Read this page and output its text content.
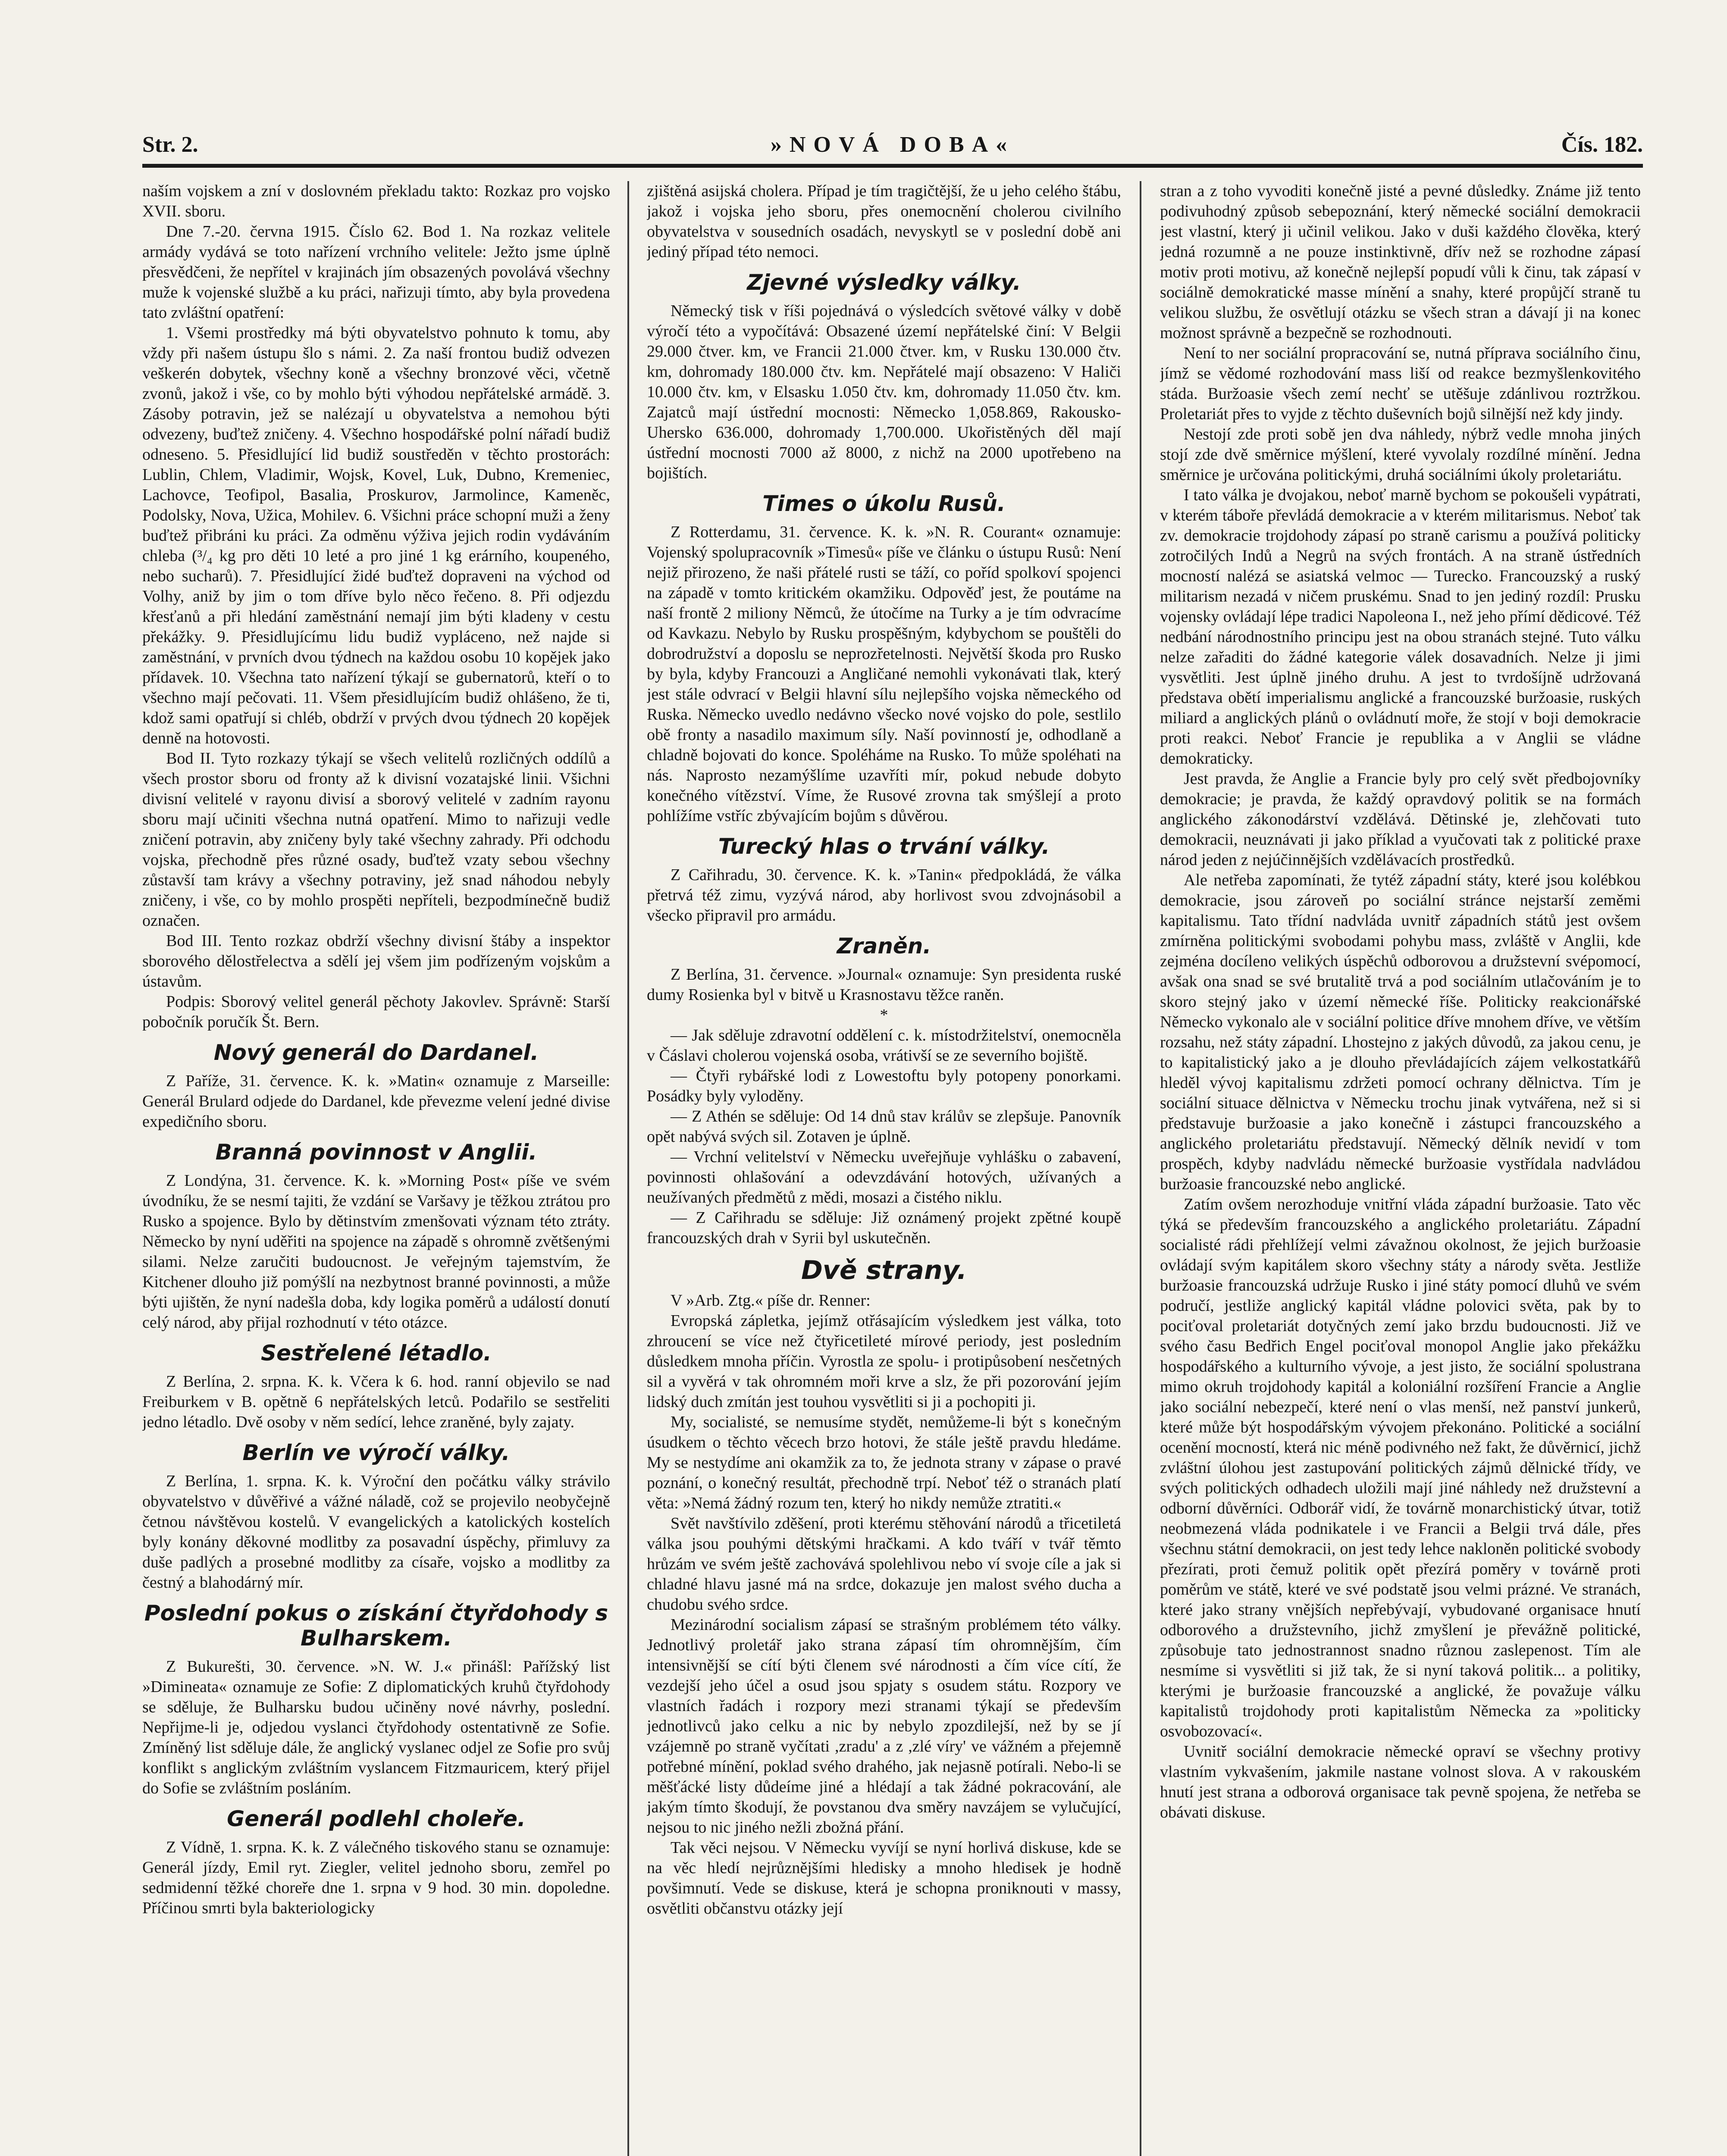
»NOVÁ DOBA«
Str. 2.	Čís. 182.

naším vojskem a zní v doslovném překladu takto: Rozkaz pro vojsko XVII. sboru.

Dne 7.-20. června 1915. Číslo 62. Bod 1. Na rozkaz velitele armády vydává se toto nařízení vrchního velitele: Ježto jsme úplně přesvědčeni, že nepřítel v krajinách jím obsazených povolává všechny muže k vojenské službě a ku práci, nařizuji tímto, aby byla provedena tato zvláštní opatření:

1. Všemi prostředky má býti obyvatelstvo pohnuto k tomu, aby vždy při našem ústupu šlo s námi. 2. Za naší frontou budiž odvezen veškerén dobytek, všechny koně a všechny bronzové věci, včetně zvonů, jakož i vše, co by mohlo býti výhodou nepřátelské armádě. 3. Zásoby potravin, jež se nalézají u obyvatelstva a nemohou býti odvezeny, buďtež zničeny. 4. Všechno hospodářské polní nářadí budiž odneseno. 5. Přesidlující lid budiž soustředěn v těchto prostorách: Lublin, Chlem, Vladimir, Wojsk, Kovel, Luk, Dubno, Kremeniec, Lachovce, Teofipol, Basalia, Proskurov, Jarmolince, Kameněc, Podolsky, Nova, Užica, Mohilev. 6. Všichni práce schopní muži a ženy buďtež přibráni ku práci. Za odměnu výživa jejich rodin vydáváním chleba (³/₄ kg pro děti 10 leté a pro jiné 1 kg erárního, koupeného, nebo sucharů). 7. Přesidlující židé buďtež dopraveni na východ od Volhy, aniž by jim o tom dříve bylo něco řečeno. 8. Při odjezdu křesťanů a při hledání zaměstnání nemají jim býti kladeny v cestu překážky. 9. Přesidlujícímu lidu budiž vypláceno, než najde si zaměstnání, v prvních dvou týdnech na každou osobu 10 kopějek jako přídavek. 10. Všechna tato nařízení týkají se gubernatorů, kteří o to všechno mají pečovati. 11. Všem přesidlujícím budiž ohlášeno, že ti, kdož sami opatřují si chléb, obdrží v prvých dvou týdnech 20 kopějek denně na hotovosti.

Bod II. Tyto rozkazy týkají se všech velitelů rozličných oddílů a všech prostor sboru od fronty až k divisní vozatajské linii. Všichni divisní velitelé v rayonu divisí a sborový velitelé v zadním rayonu sboru mají učiniti všechna nutná opatření. Mimo to nařizuji vedle zničení potravin, aby zničeny byly také všechny zahrady. Při odchodu vojska, přechodně přes různé osady, buďtež vzaty sebou všechny zůstavší tam krávy a všechny potraviny, jež snad náhodou nebyly zničeny, i vše, co by mohlo prospěti nepříteli, bezpodmínečně budiž označen.

Bod III. Tento rozkaz obdrží všechny divisní štáby a inspektor sborového dělostřelectva a sdělí jej všem jim podřízeným vojskům a ústavům.

Podpis: Sborový velitel generál pěchoty Jakovlev. Správně: Starší pobočník poručík Št. Bern.

Nový generál do Dardanel.

Z Paříže, 31. července. K. k. »Matin« oznamuje z Marseille: Generál Brulard odjede do Dardanel, kde převezme velení jedné divise expedičního sboru.

Branná povinnost v Anglii.

Z Londýna, 31. července. K. k. »Morning Post« píše ve svém úvodníku, že se nesmí tajiti, že vzdání se Varšavy je těžkou ztrátou pro Rusko a spojence. Bylo by dětinstvím zmenšovati význam této ztráty. Německo by nyní uděřiti na spojence na západě s ohromně zvětšenými silami. Nelze zaručiti budoucnost. Je veřejným tajemstvím, že Kitchener dlouho již pomýšlí na nezbytnost branné povinnosti, a může býti ujištěn, že nyní nadešla doba, kdy logika poměrů a událostí donutí celý národ, aby přijal rozhodnutí v této otázce.

Sestřelené létadlo.

Z Berlína, 2. srpna. K. k. Včera k 6. hod. ranní objevilo se nad Freiburkem v B. opětně 6 nepřátelských letců. Podařilo se sestřeliti jedno létadlo. Dvě osoby v něm sedící, lehce zraněné, byly zajaty.

Berlín ve výročí války.

Z Berlína, 1. srpna. K. k. Výroční den počátku války strávilo obyvatelstvo v důvěřivé a vážné náladě, což se projevilo neobyčejně četnou návštěvou kostelů. V evangelických a katolických kostelích byly konány děkovné modlitby za posavadní úspěchy, přimluvy za duše padlých a prosebné modlitby za císaře, vojsko a modlitby za čestný a blahodárný mír.

Poslední pokus o získání čtyřdohody s Bulharskem.

Z Bukurešti, 30. července. »N. W. J.« přinášl: Pařížský list »Dimineata« oznamuje ze Sofie: Z diplomatických kruhů čtyřdohody se sděluje, že Bulharsku budou učiněny nové návrhy, poslední. Nepřijme-li je, odjedou vyslanci čtyřdohody ostentativně ze Sofie. Zmíněný list sděluje dále, že anglický vyslanec odjel ze Sofie pro svůj konflikt s anglickým zvláštním vyslancem Fitzmauricem, který přijel do Sofie se zvláštním posláním.

Generál podlehl choleře.

Z Vídně, 1. srpna. K. k. Z válečného tiskového stanu se oznamuje: Generál jízdy, Emil ryt. Ziegler, velitel jednoho sboru, zemřel po sedmidenní těžké choreře dne 1. srpna v 9 hod. 30 min. dopoledne. Příčinou smrti byla bakteriologicky

zjištěná asijská cholera. Případ je tím tragičtější, že u jeho celého štábu, jakož i vojska jeho sboru, přes onemocnění cholerou civilního obyvatelstva v sousedních osadách, nevyskytl se v poslední době ani jediný případ této nemoci.

Zjevné výsledky války.

Německý tisk v říši pojednává o výsledcích světové války v době výročí této a vypočítává: Obsazené území nepřátelské činí: V Belgii 29.000 čtver. km, ve Francii 21.000 čtver. km, v Rusku 130.000 čtv. km, dohromady 180.000 čtv. km. Nepřátelé mají obsazeno: V Haliči 10.000 čtv. km, v Elsasku 1.050 čtv. km, dohromady 11.050 čtv. km. Zajatců mají ústřední mocnosti: Německo 1,058.869, Rakousko-Uhersko 636.000, dohromady 1,700.000. Ukořistěných děl mají ústřední mocnosti 7000 až 8000, z nichž na 2000 upotřebeno na bojištích.

Times o úkolu Rusů.

Z Rotterdamu, 31. července. K. k. »N. R. Courant« oznamuje: Vojenský spolupracovník »Timesů« píše ve článku o ústupu Rusů: Není nejiž přirozeno, že naši přátelé rusti se táží, co poříd spolkoví spojenci na západě v tomto kritickém okamžiku. Odpověď jest, že poutáme na naší frontě 2 miliony Němců, že útočíme na Turky a je tím odvracíme od Kavkazu. Nebylo by Rusku prospěšným, kdybychom se pouštěli do dobrodružství a doposlu se neprozřetelnosti. Největší škoda pro Rusko by byla, kdyby Francouzi a Angličané nemohli vykonávati tlak, který jest stále odvrací v Belgii hlavní sílu nejlepšího vojska německého od Ruska. Německo uvedlo nedávno všecko nové vojsko do pole, sestlilo obě fronty a nasadilo maximum síly. Naší povinností je, odhodlaně a chladně bojovati do konce. Spoléháme na Rusko. To může spoléhati na nás. Naprosto nezamýšlíme uzavříti mír, pokud nebude dobyto konečného vítězství. Víme, že Rusové zrovna tak smýšlejí a proto pohlížíme vstříc zbývajícím bojům s důvěrou.

Turecký hlas o trvání války.

Z Cařihradu, 30. července. K. k. »Tanin« předpokládá, že válka přetrvá též zimu, vyzývá národ, aby horlivost svou zdvojnásobil a všecko připravil pro armádu.

Zraněn.

Z Berlína, 31. července. »Journal« oznamuje: Syn presidenta ruské dumy Rosienka byl v bitvě u Krasnostavu těžce raněn.

*

— Jak sděluje zdravotní oddělení c. k. místodržitelství, onemocněla v Čáslavi cholerou vojenská osoba, vrátivší se ze severního bojiště.

— Čtyři rybářské lodi z Lowestoftu byly potopeny ponorkami. Posádky byly vyloděny.

— Z Athén se sděluje: Od 14 dnů stav králův se zlepšuje. Panovník opět nabývá svých sil. Zotaven je úplně.

— Vrchní velitelství v Německu uveřejňuje vyhlášku o zabavení, povinnosti ohlašování a odevzdávání hotových, užívaných a neužívaných předmětů z mědi, mosazi a čistého niklu.

— Z Cařihradu se sděluje: Již oznámený projekt zpětné koupě francouzských drah v Syrii byl uskutečněn.

Dvě strany.

V »Arb. Ztg.« píše dr. Renner:

Evropská zápletka, jejímž otřásajícím výsledkem jest válka, toto zhroucení se více než čtyřicetileté mírové periody, jest posledním důsledkem mnoha příčin. Vyrostla ze spolu- i protipůsobení nesčetných sil a vyvěrá v tak ohromném moři krve a slz, že při pozorování jejím lidský duch zmítán jest touhou vysvětliti si ji a pochopiti ji.

My, socialisté, se nemusíme stydět, nemůžeme-li být s konečným úsudkem o těchto věcech brzo hotovi, že stále ještě pravdu hledáme. My se nestydíme ani okamžik za to, že jednota strany v zápase o pravé poznání, o konečný resultát, přechodně trpí. Neboť též o stranách platí věta: »Nemá žádný rozum ten, který ho nikdy nemůže ztratiti.«

Svět navštívilo zděšení, proti kterému stěhování národů a třicetiletá válka jsou pouhými dětskými hračkami. A kdo tváří v tvář těmto hrůzám ve svém ještě zachovává spolehlivou nebo ví svoje cíle a jak si chladné hlavu jasné má na srdce, dokazuje jen malost svého ducha a chudobu svého srdce.

Mezinárodní socialism zápasí se strašným problémem této války. Jednotlivý proletář jako strana zápasí tím ohromnějším, čím intensivnější se cítí býti členem své národnosti a čím více cítí, že vezdejší jeho účel a osud jsou spjaty s osudem státu. Rozpory ve vlastních řadách i rozpory mezi stranami týkají se především jednotlivců jako celku a nic by nebylo zpozdilejší, než by se jí vzájemně po straně vyčítati ,zradu' a z ,zlé víry' ve vážném a přejemně potřebné mínění, poklad svého drahého, jak nejasně potírali. Nebo-li se měšťácké listy důdeíme jiné a hlédají a tak žádné pokracování, ale jakým tímto škodují, že povstanou dva směry navzájem se vylučující, nejsou to nic jiného nežli zbožná přání.

Tak věci nejsou. V Německu vyvíjí se nyní horlivá diskuse, kde se na věc hledí nejrůznějšími hledisky a mnoho hledisek je hodně povšimnutí. Vede se diskuse, která je schopna proniknouti v massy, osvětliti občanstvu otázky její

stran a z toho vyvoditi konečně jisté a pevné důsledky. Známe již tento podivuhodný způsob sebepoznání, který německé sociální demokracii jest vlastní, který ji učinil velikou. Jako v duši každého člověka, který jedná rozumně a ne pouze instinktivně, dřív než se rozhodne zápasí motiv proti motivu, až konečně nejlepší popudí vůli k činu, tak zápasí v sociálně demokratické masse mínění a snahy, které propůjčí straně tu velikou službu, že osvětlují otázku se všech stran a dávají ji na konec možnost správně a bezpečně se rozhodnouti.

Není to ner sociální propracování se, nutná příprava sociálního činu, jímž se vědomé rozhodování mass liší od reakce bezmyšlenkovitého stáda. Buržoasie všech zemí nechť se utěšuje zdánlivou roztržkou. Proletariát přes to vyjde z těchto duševních bojů silnější než kdy jindy.

Nestojí zde proti sobě jen dva náhledy, nýbrž vedle mnoha jiných stojí zde dvě směrnice mýšlení, které vyvolaly rozdílné mínění. Jedna směrnice je určována politickými, druhá sociálními úkoly proletariátu.

I tato válka je dvojakou, neboť marně bychom se pokoušeli vypátrati, v kterém táboře převládá demokracie a v kterém militarismus. Neboť tak zv. demokracie trojdohody zápasí po straně carismu a používá politicky zotročilých Indů a Negrů na svých frontách. A na straně ústředních mocností nalézá se asiatská velmoc — Turecko. Francouzský a ruský militarism nezadá v ničem pruskému. Snad to jen jediný rozdíl: Prusku vojensky ovládají lépe tradici Napoleona I., než jeho přímí dědicové. Též nedbání národnostního principu jest na obou stranách stejné. Tuto válku nelze zařaditi do žádné kategorie válek dosavadních. Nelze ji jimi vysvětliti. Jest úplně jiného druhu. A jest to tvrdošíjně udržovaná představa obětí imperialismu anglické a francouzské buržoasie, ruských miliard a anglických plánů o ovládnutí moře, že stojí v boji demokracie proti reakci. Neboť Francie je republika a v Anglii se vládne demokraticky.

Jest pravda, že Anglie a Francie byly pro celý svět předbojovníky demokracie; je pravda, že každý opravdový politik se na formách anglického zákonodárství vzdělává. Dětinské je, zlehčovati tuto demokracii, neuznávati ji jako příklad a vyučovati tak z politické praxe národ jeden z nejúčinnějších vzdělávacích prostředků.

Ale netřeba zapomínati, že tytéž západní státy, které jsou kolébkou demokracie, jsou zároveň po sociální stránce nejstarší zeměmi kapitalismu. Tato třídní nadvláda uvnitř západních států jest ovšem zmírněna politickými svobodami pohybu mass, zvláště v Anglii, kde zejména docíleno velikých úspěchů odborovou a družstevní svépomocí, avšak ona snad se své brutalitě trvá a pod sociálním utlačováním je to skoro stejný jako v území německé říše. Politicky reakcionářské Německo vykonalo ale v sociální politice dříve mnohem dříve, ve větším rozsahu, než státy západní. Lhostejno z jakých důvodů, za jakou cenu, je to kapitalistický jako a je dlouho převládajících zájem velkostatkářů hleděl vývoj kapitalismu zdržeti pomocí ochrany dělnictva. Tím je sociální situace dělnictva v Německu trochu jinak vytvářena, než si si představuje buržoasie a jako konečně i zástupci francouzského a anglického proletariátu představují. Německý dělník nevidí v tom prospěch, kdyby nadvládu německé buržoasie vystřídala nadvládou buržoasie francouzské nebo anglické.

Zatím ovšem nerozhoduje vnitřní vláda západní buržoasie. Tato věc týká se především francouzského a anglického proletariátu. Západní socialisté rádi přehlížejí velmi závažnou okolnost, že jejich buržoasie ovládají svým kapitálem skoro všechny státy a národy světa. Jestliže buržoasie francouzská udržuje Rusko i jiné státy pomocí dluhů ve svém područí, jestliže anglický kapitál vládne polovici světa, pak by to pociťoval proletariát dotyčných zemí jako brzdu budoucnosti. Již ve svého času Bedřich Engel pociťoval monopol Anglie jako překážku hospodářského a kulturního vývoje, a jest jisto, že sociální spolustrana mimo okruh trojdohody kapitál a koloniální rozšíření Francie a Anglie jako sociální nebezpečí, které není o vlas menší, než panství junkerů, které může být hospodářským vývojem překonáno. Politické a sociální ocenění mocností, která nic méně podivného než fakt, že důvěrnicí, jichž zvláštní úlohou jest zastupování politických zájmů dělnické třídy, ve svých politických odhadech uložili mají jiné náhledy než družstevní a odborní důvěrníci. Odborář vidí, že továrně monarchistický útvar, totiž neobmezená vláda podnikatele i ve Francii a Belgii trvá dále, přes všechnu státní demokracii, on jest tedy lehce nakloněn politické svobody přezírati, proti čemuž politik opět přezírá poměry v továrně proti poměrům ve státě, které ve své podstatě jsou velmi prázné. Ve stranách, které jako strany vnějších nepřebývají, vybudované organisace hnutí odborového a družstevního, jichž zmyšlení je převážně politické, způsobuje tato jednostrannost snadno různou zaslepenost. Tím ale nesmíme si vysvětliti si již tak, že si nyní taková politik... a politiky, kterými je buržoasie francouzské a anglické, že považuje válku kapitalistů trojdohody proti kapitalistům Německa za »politicky osvobozovací«.

Uvnitř sociální demokracie německé opraví se všechny protivy vlastním vykvašením, jakmile nastane volnost slova. A v rakouském hnutí jest strana a odborová organisace tak pevně spojena, že netřeba se obávati diskuse.
